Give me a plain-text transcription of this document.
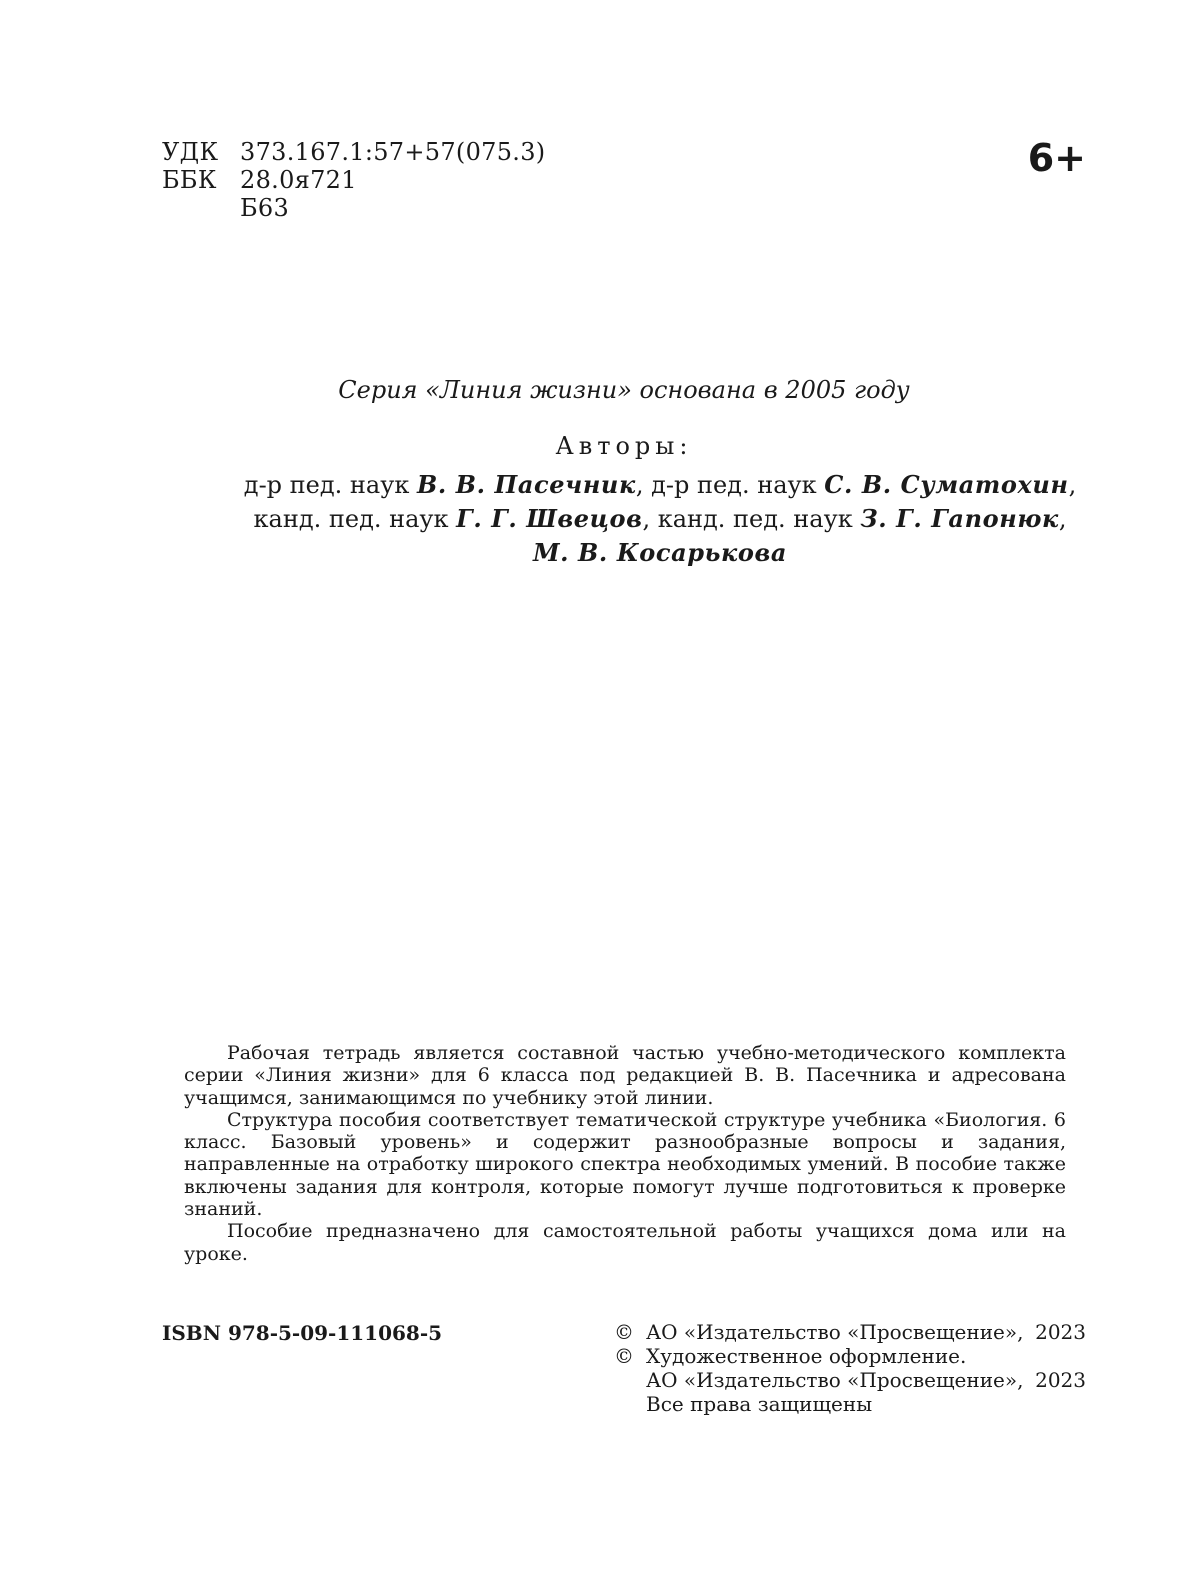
УДК 373.167.1:57+57(075.3)
ББК 28.0я721
Б63
6+
Серия «Линия жизни» основана в 2005 году
Авторы:
д-р пед. наук В. В. Пасечник, д-р пед. наук С. В. Суматохин,
канд. пед. наук Г. Г. Швецов, канд. пед. наук З. Г. Гапонюк,
М. В. Косарькова

Рабочая тетрадь является составной частью учебно-методического комплекта серии «Линия жизни» для 6 класса под редакцией В. В. Пасечника и адресована учащимся, занимающимся по учебнику этой линии.

Структура пособия соответствует тематической структуре учебника «Биология. 6 класс. Базовый уровень» и содержит разнообразные вопросы и задания, направленные на отработку широкого спектра необходимых умений. В пособие также включены задания для контроля, которые помогут лучше подготовиться к проверке знаний.

Пособие предназначено для самостоятельной работы учащихся дома или на уроке.

ISBN 978-5-09-111068-5	© АО «Издательство «Просвещение», 2023
© Художественное оформление.
АО «Издательство «Просвещение», 2023
Все права защищены
